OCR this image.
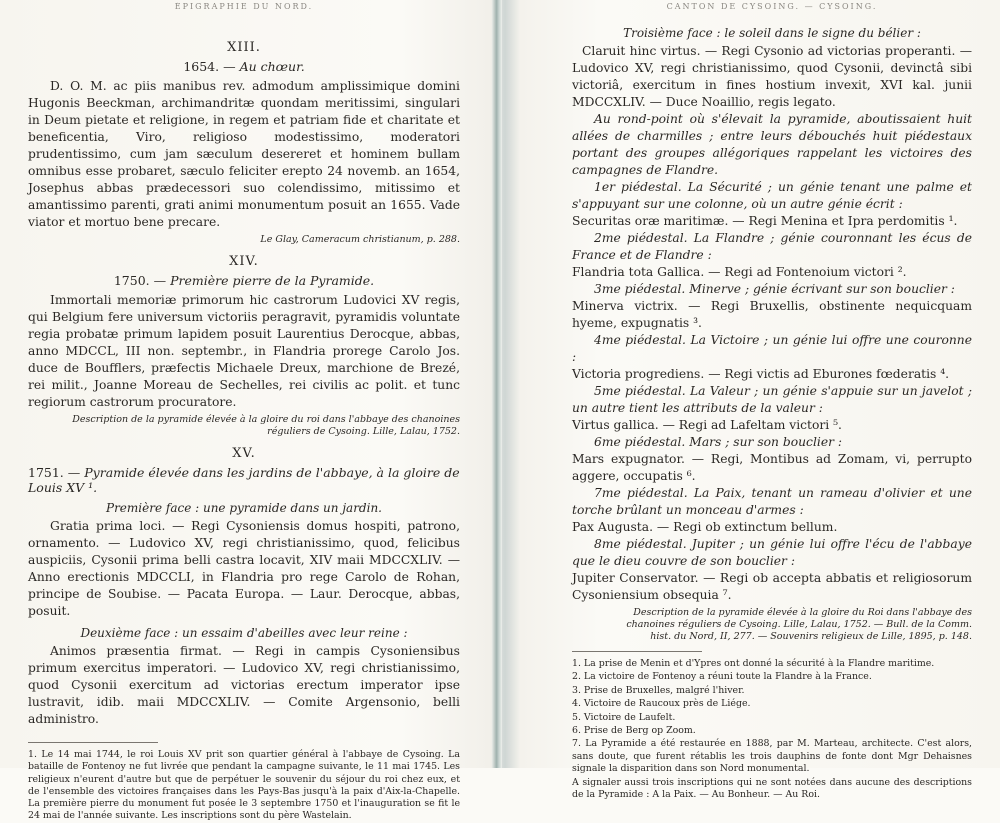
ÉPIGRAPHIE DU NORD.
XIII.
1654. — Au chœur.

D. O. M. ac piis manibus rev. admodum amplissimique domini Hugonis Beeckman, archimandritæ quondam meritissimi, singulari in Deum pietate et religione, in regem et patriam fide et charitate et beneficentia, Viro, religioso modestissimo, moderatori prudentissimo, cum jam sæculum desereret et hominem bullam omnibus esse probaret, sæculo feliciter erepto 24 novemb. an 1654, Josephus abbas prædecessori suo colendissimo, mitissimo et amantissimo parenti, grati animi monumentum posuit an 1655. Vade viator et mortuo bene precare.

Le Glay, Cameracum christianum, p. 288.

XIV.
1750. — Première pierre de la Pyramide.

Immortali memoriæ primorum hic castrorum Ludovici XV regis, qui Belgium fere universum victoriis peragravit, pyramidis voluntate regia probatæ primum lapidem posuit Laurentius Derocque, abbas, anno MDCCL, III non. septembr., in Flandria prorege Carolo Jos. duce de Boufflers, præfectis Michaele Dreux, marchione de Brezé, rei milit., Joanne Moreau de Sechelles, rei civilis ac polit. et tunc regiorum castrorum procuratore.

Description de la pyramide élevée à la gloire du roi dans l'abbaye des chanoines réguliers de Cysoing. Lille, Lalau, 1752.

XV.
1751. — Pyramide élevée dans les jardins de l'abbaye, à la gloire de Louis XV ¹.
Première face : une pyramide dans un jardin.

Gratia prima loci. — Regi Cysoniensis domus hospiti, patrono, ornamento. — Ludovico XV, regi christianissimo, quod, felicibus auspiciis, Cysonii prima belli castra locavit, XIV maii MDCCXLIV. — Anno erectionis MDCCLI, in Flandria pro rege Carolo de Rohan, principe de Soubise. — Pacata Europa. — Laur. Derocque, abbas, posuit.

Deuxième face : un essaim d'abeilles avec leur reine :

Animos præsentia firmat. — Regi in campis Cysoniensibus primum exercitus imperatori. — Ludovico XV, regi christianissimo, quod Cysonii exercitum ad victorias erectum imperator ipse lustravit, idib. maii MDCCXLIV. — Comite Argensonio, belli administro.

1. Le 14 mai 1744, le roi Louis XV prit son quartier général à l'abbaye de Cysoing. La bataille de Fontenoy ne fut livrée que pendant la campagne suivante, le 11 mai 1745. Les religieux n'eurent d'autre but que de perpétuer le souvenir du séjour du roi chez eux, et de l'ensemble des victoires françaises dans les Pays-Bas jusqu'à la paix d'Aix-la-Chapelle. La première pierre du monument fut posée le 3 septembre 1750 et l'inauguration se fit le 24 mai de l'année suivante. Les inscriptions sont du père Wastelain.

CANTON DE CYSOING. — CYSOING.
Troisième face : le soleil dans le signe du bélier :

Claruit hinc virtus. — Regi Cysonio ad victorias properanti. — Ludovico XV, regi christianissimo, quod Cysonii, devinctâ sibi victoriâ, exercitum in fines hostium invexit, XVI kal. junii MDCCXLIV. — Duce Noaillio, regis legato.

Au rond-point où s'élevait la pyramide, aboutissaient huit allées de charmilles ; entre leurs débouchés huit piédestaux portant des groupes allégoriques rappelant les victoires des campagnes de Flandre.

1er piédestal. La Sécurité ; un génie tenant une palme et s'appuyant sur une colonne, où un autre génie écrit :

Securitas oræ maritimæ. — Regi Menina et Ipra perdomitis ¹.

2me piédestal. La Flandre ; génie couronnant les écus de France et de Flandre :

Flandria tota Gallica. — Regi ad Fontenoium victori ².

3me piédestal. Minerve ; génie écrivant sur son bouclier :

Minerva victrix. — Regi Bruxellis, obstinente nequicquam hyeme, expugnatis ³.

4me piédestal. La Victoire ; un génie lui offre une couronne :

Victoria progrediens. — Regi victis ad Eburones fœderatis ⁴.

5me piédestal. La Valeur ; un génie s'appuie sur un javelot ; un autre tient les attributs de la valeur :

Virtus gallica. — Regi ad Lafeltam victori ⁵.

6me piédestal. Mars ; sur son bouclier :

Mars expugnator. — Regi, Montibus ad Zomam, vi, perrupto aggere, occupatis ⁶.

7me piédestal. La Paix, tenant un rameau d'olivier et une torche brûlant un monceau d'armes :

Pax Augusta. — Regi ob extinctum bellum.

8me piédestal. Jupiter ; un génie lui offre l'écu de l'abbaye que le dieu couvre de son bouclier :

Jupiter Conservator. — Regi ob accepta abbatis et religiosorum Cysoniensium obsequia ⁷.

Description de la pyramide élevée à la gloire du Roi dans l'abbaye des chanoines réguliers de Cysoing. Lille, Lalau, 1752. — Bull. de la Comm. hist. du Nord, II, 277. — Souvenirs religieux de Lille, 1895, p. 148.

1. La prise de Menin et d'Ypres ont donné la sécurité à la Flandre maritime.

2. La victoire de Fontenoy a réuni toute la Flandre à la France.

3. Prise de Bruxelles, malgré l'hiver.

4. Victoire de Raucoux près de Liége.

5. Victoire de Laufelt.

6. Prise de Berg op Zoom.

7. La Pyramide a été restaurée en 1888, par M. Marteau, architecte. C'est alors, sans doute, que furent rétablis les trois dauphins de fonte dont Mgr Dehaisnes signale la disparition dans son Nord monumental.

A signaler aussi trois inscriptions qui ne sont notées dans aucune des descriptions de la Pyramide : A la Paix. — Au Bonheur. — Au Roi.
